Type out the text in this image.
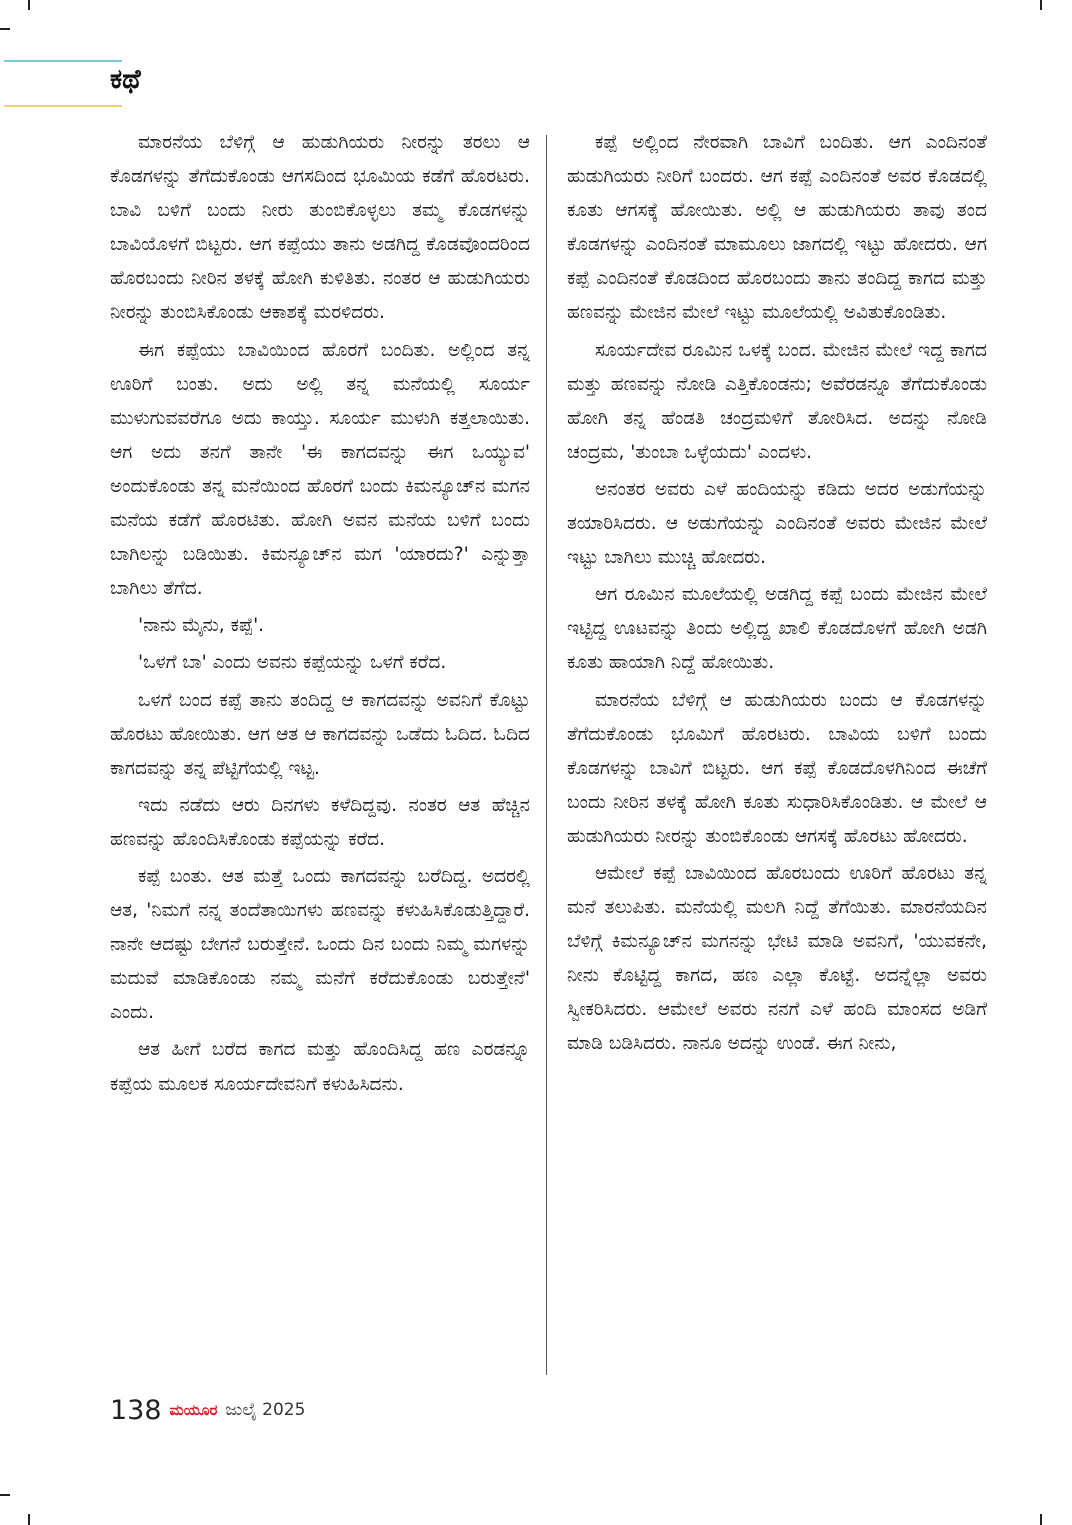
ಕಥೆ

ಮಾರನೆಯ ಬೆಳಿಗ್ಗೆ ಆ ಹುಡುಗಿಯರು ನೀರನ್ನು ತರಲು ಆ ಕೊಡಗಳನ್ನು ತೆಗೆದುಕೊಂಡು ಆಗಸದಿಂದ ಭೂಮಿಯ ಕಡೆಗೆ ಹೊರಟರು. ಬಾವಿ ಬಳಿಗೆ ಬಂದು ನೀರು ತುಂಬಿಕೊಳ್ಳಲು ತಮ್ಮ ಕೊಡಗಳನ್ನು ಬಾವಿಯೊಳಗೆ ಬಿಟ್ಟರು. ಆಗ ಕಪ್ಪೆಯು ತಾನು ಅಡಗಿದ್ದ ಕೊಡವೊಂದರಿಂದ ಹೊರಬಂದು ನೀರಿನ ತಳಕ್ಕೆ ಹೋಗಿ ಕುಳಿತಿತು. ನಂತರ ಆ ಹುಡುಗಿಯರು ನೀರನ್ನು ತುಂಬಿಸಿಕೊಂಡು ಆಕಾಶಕ್ಕೆ ಮರಳಿದರು.

ಈಗ ಕಪ್ಪೆಯು ಬಾವಿಯಿಂದ ಹೊರಗೆ ಬಂದಿತು. ಅಲ್ಲಿಂದ ತನ್ನ ಊರಿಗೆ ಬಂತು. ಅದು ಅಲ್ಲಿ ತನ್ನ ಮನೆಯಲ್ಲಿ ಸೂರ್ಯ ಮುಳುಗುವವರೆಗೂ ಅದು ಕಾಯ್ತು. ಸೂರ್ಯ ಮುಳುಗಿ ಕತ್ತಲಾಯಿತು. ಆಗ ಅದು ತನಗೆ ತಾನೇ 'ಈ ಕಾಗದವನ್ನು ಈಗ ಒಯ್ಯುವ' ಅಂದುಕೊಂಡು ತನ್ನ ಮನೆಯಿಂದ ಹೊರಗೆ ಬಂದು ಕಿಮನ್ಯೂಚ್‌ನ ಮಗನ ಮನೆಯ ಕಡೆಗೆ ಹೊರಟಿತು. ಹೋಗಿ ಅವನ ಮನೆಯ ಬಳಿಗೆ ಬಂದು ಬಾಗಿಲನ್ನು ಬಡಿಯಿತು. ಕಿಮನ್ಯೂಚ್‌ನ ಮಗ 'ಯಾರದು?' ಎನ್ನುತ್ತಾ ಬಾಗಿಲು ತೆಗೆದ.

'ನಾನು ಮೈನು, ಕಪ್ಪೆ'.

'ಒಳಗೆ ಬಾ' ಎಂದು ಅವನು ಕಪ್ಪೆಯನ್ನು ಒಳಗೆ ಕರೆದ.

ಒಳಗೆ ಬಂದ ಕಪ್ಪೆ ತಾನು ತಂದಿದ್ದ ಆ ಕಾಗದವನ್ನು ಅವನಿಗೆ ಕೊಟ್ಟು ಹೊರಟು ಹೋಯಿತು. ಆಗ ಆತ ಆ ಕಾಗದವನ್ನು ಒಡೆದು ಓದಿದ. ಓದಿದ ಕಾಗದವನ್ನು ತನ್ನ ಪೆಟ್ಟಿಗೆಯಲ್ಲಿ ಇಟ್ಟ.

ಇದು ನಡೆದು ಆರು ದಿನಗಳು ಕಳೆದಿದ್ದವು. ನಂತರ ಆತ ಹೆಚ್ಚಿನ ಹಣವನ್ನು ಹೊಂದಿಸಿಕೊಂಡು ಕಪ್ಪೆಯನ್ನು ಕರೆದ.

ಕಪ್ಪೆ ಬಂತು. ಆತ ಮತ್ತೆ ಒಂದು ಕಾಗದವನ್ನು ಬರೆದಿದ್ದ. ಅದರಲ್ಲಿ ಆತ, 'ನಿಮಗೆ ನನ್ನ ತಂದೆತಾಯಿಗಳು ಹಣವನ್ನು ಕಳುಹಿಸಿಕೊಡುತ್ತಿದ್ದಾರೆ. ನಾನೇ ಆದಷ್ಟು ಬೇಗನೆ ಬರುತ್ತೇನೆ. ಒಂದು ದಿನ ಬಂದು ನಿಮ್ಮ ಮಗಳನ್ನು ಮದುವೆ ಮಾಡಿಕೊಂಡು ನಮ್ಮ ಮನೆಗೆ ಕರೆದುಕೊಂಡು ಬರುತ್ತೇನೆ' ಎಂದು.

ಆತ ಹೀಗೆ ಬರೆದ ಕಾಗದ ಮತ್ತು ಹೊಂದಿಸಿದ್ದ ಹಣ ಎರಡನ್ನೂ ಕಪ್ಪೆಯ ಮೂಲಕ ಸೂರ್ಯದೇವನಿಗೆ ಕಳುಹಿಸಿದನು.

ಕಪ್ಪೆ ಅಲ್ಲಿಂದ ನೇರವಾಗಿ ಬಾವಿಗೆ ಬಂದಿತು. ಆಗ ಎಂದಿನಂತೆ ಹುಡುಗಿಯರು ನೀರಿಗೆ ಬಂದರು. ಆಗ ಕಪ್ಪೆ ಎಂದಿನಂತೆ ಅವರ ಕೊಡದಲ್ಲಿ ಕೂತು ಆಗಸಕ್ಕೆ ಹೋಯಿತು. ಅಲ್ಲಿ ಆ ಹುಡುಗಿಯರು ತಾವು ತಂದ ಕೊಡಗಳನ್ನು ಎಂದಿನಂತೆ ಮಾಮೂಲು ಜಾಗದಲ್ಲಿ ಇಟ್ಟು ಹೋದರು. ಆಗ ಕಪ್ಪೆ ಎಂದಿನಂತೆ ಕೊಡದಿಂದ ಹೊರಬಂದು ತಾನು ತಂದಿದ್ದ ಕಾಗದ ಮತ್ತು ಹಣವನ್ನು ಮೇಜಿನ ಮೇಲೆ ಇಟ್ಟು ಮೂಲೆಯಲ್ಲಿ ಅವಿತುಕೊಂಡಿತು.

ಸೂರ್ಯದೇವ ರೂಮಿನ ಒಳಕ್ಕೆ ಬಂದ. ಮೇಜಿನ ಮೇಲೆ ಇದ್ದ ಕಾಗದ ಮತ್ತು ಹಣವನ್ನು ನೋಡಿ ಎತ್ತಿಕೊಂಡನು; ಅವೆರಡನ್ನೂ ತೆಗೆದುಕೊಂಡು ಹೋಗಿ ತನ್ನ ಹೆಂಡತಿ ಚಂದ್ರಮಳಿಗೆ ತೋರಿಸಿದ. ಅದನ್ನು ನೋಡಿ ಚಂದ್ರಮ, 'ತುಂಬಾ ಒಳ್ಳೆಯದು' ಎಂದಳು.

ಅನಂತರ ಅವರು ಎಳೆ ಹಂದಿಯನ್ನು ಕಡಿದು ಅದರ ಅಡುಗೆಯನ್ನು ತಯಾರಿಸಿದರು. ಆ ಅಡುಗೆಯನ್ನು ಎಂದಿನಂತೆ ಅವರು ಮೇಜಿನ ಮೇಲೆ ಇಟ್ಟು ಬಾಗಿಲು ಮುಚ್ಚಿ ಹೋದರು.

ಆಗ ರೂಮಿನ ಮೂಲೆಯಲ್ಲಿ ಅಡಗಿದ್ದ ಕಪ್ಪೆ ಬಂದು ಮೇಜಿನ ಮೇಲೆ ಇಟ್ಟಿದ್ದ ಊಟವನ್ನು ತಿಂದು ಅಲ್ಲಿದ್ದ ಖಾಲಿ ಕೊಡದೊಳಗೆ ಹೋಗಿ ಅಡಗಿ ಕೂತು ಹಾಯಾಗಿ ನಿದ್ದೆ ಹೋಯಿತು.

ಮಾರನೆಯ ಬೆಳಿಗ್ಗೆ ಆ ಹುಡುಗಿಯರು ಬಂದು ಆ ಕೊಡಗಳನ್ನು ತೆಗೆದುಕೊಂಡು ಭೂಮಿಗೆ ಹೊರಟರು. ಬಾವಿಯ ಬಳಿಗೆ ಬಂದು ಕೊಡಗಳನ್ನು ಬಾವಿಗೆ ಬಿಟ್ಟರು. ಆಗ ಕಪ್ಪೆ ಕೊಡದೊಳಗಿನಿಂದ ಈಚೆಗೆ ಬಂದು ನೀರಿನ ತಳಕ್ಕೆ ಹೋಗಿ ಕೂತು ಸುಧಾರಿಸಿಕೊಂಡಿತು. ಆ ಮೇಲೆ ಆ ಹುಡುಗಿಯರು ನೀರನ್ನು ತುಂಬಿಕೊಂಡು ಆಗಸಕ್ಕೆ ಹೊರಟು ಹೋದರು.

ಆಮೇಲೆ ಕಪ್ಪೆ ಬಾವಿಯಿಂದ ಹೊರಬಂದು ಊರಿಗೆ ಹೊರಟು ತನ್ನ ಮನೆ ತಲುಪಿತು. ಮನೆಯಲ್ಲಿ ಮಲಗಿ ನಿದ್ದೆ ತೆಗೆಯಿತು. ಮಾರನೆಯದಿನ ಬೆಳಿಗ್ಗೆ ಕಿಮನ್ಯೂಚ್‌ನ ಮಗನನ್ನು ಭೇಟಿ ಮಾಡಿ ಅವನಿಗೆ, 'ಯುವಕನೇ, ನೀನು ಕೊಟ್ಟಿದ್ದ ಕಾಗದ, ಹಣ ಎಲ್ಲಾ ಕೊಟ್ಟೆ. ಅದನ್ನೆಲ್ಲಾ ಅವರು ಸ್ವೀಕರಿಸಿದರು. ಆಮೇಲೆ ಅವರು ನನಗೆ ಎಳೆ ಹಂದಿ ಮಾಂಸದ ಅಡಿಗೆ ಮಾಡಿ ಬಡಿಸಿದರು. ನಾನೂ ಅದನ್ನು ಉಂಡೆ. ಈಗ ನೀನು,

138 ಮಯೂರ ಜುಲೈ 2025
